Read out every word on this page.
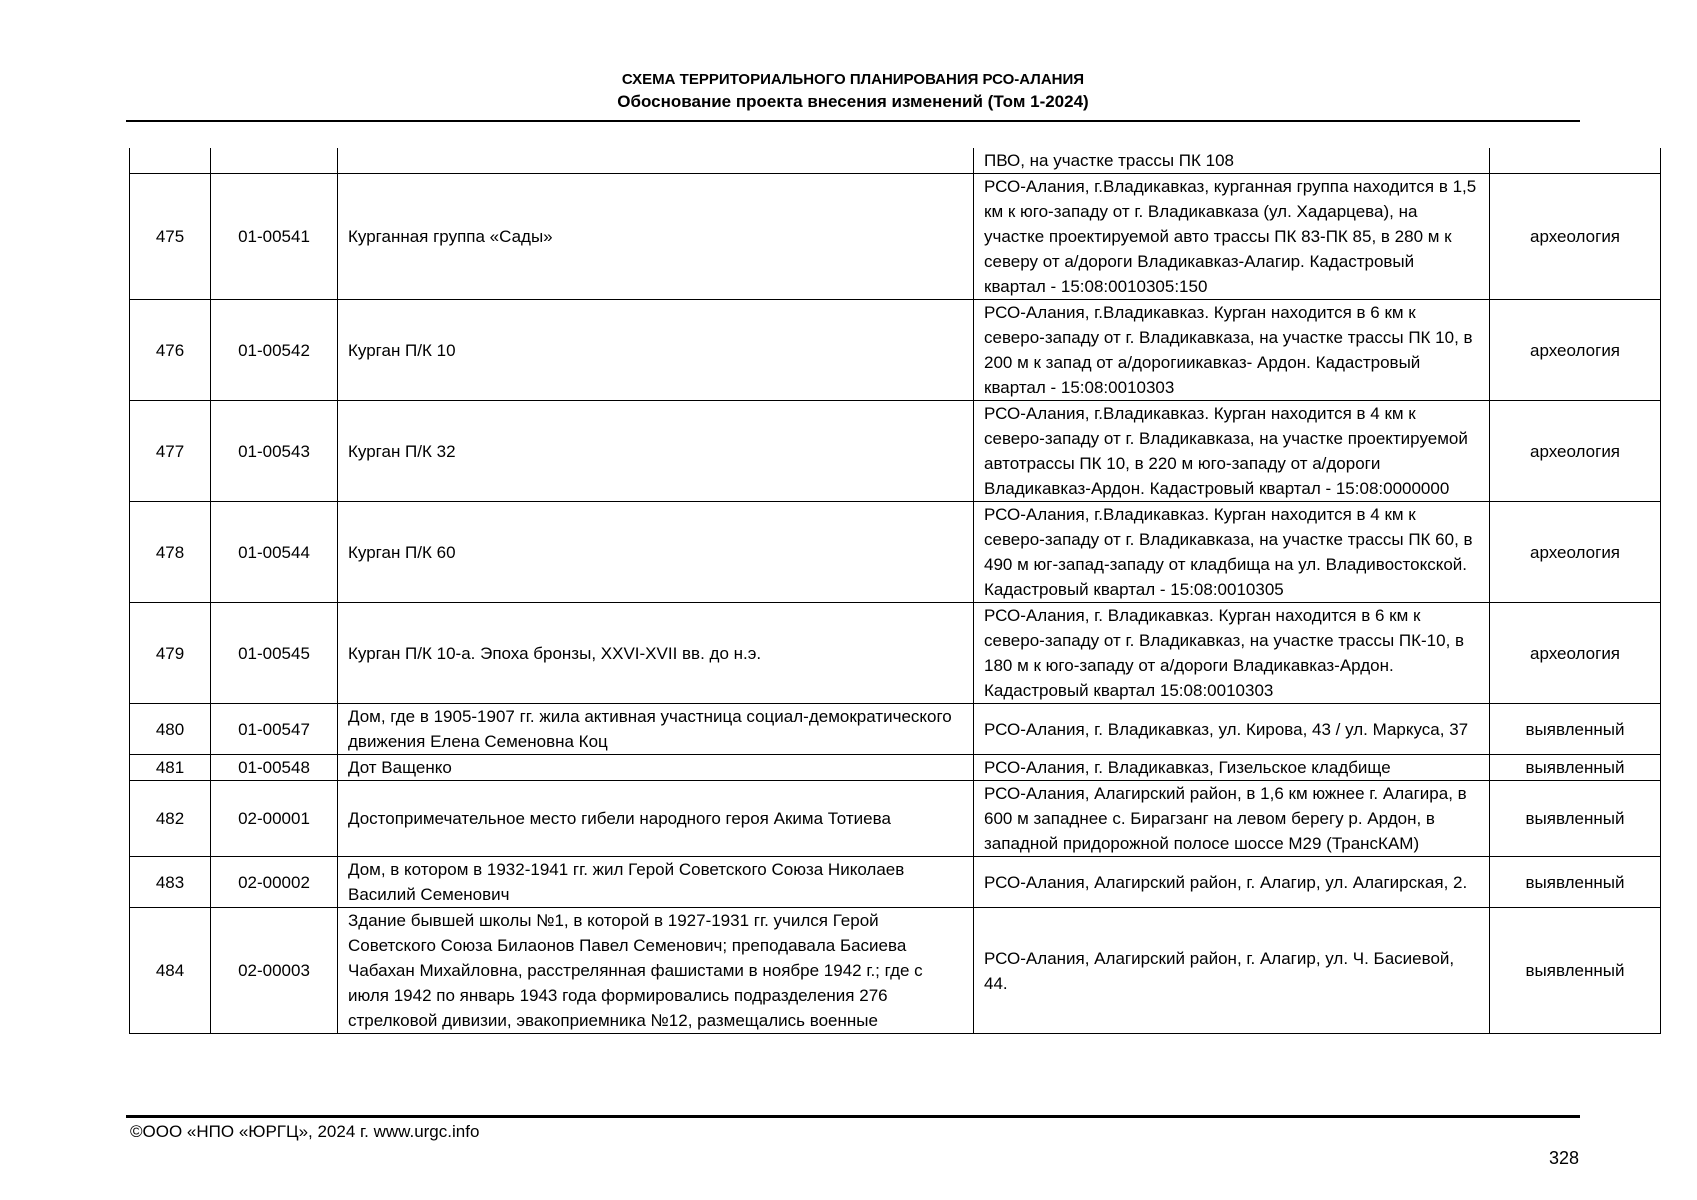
СХЕМА ТЕРРИТОРИАЛЬНОГО ПЛАНИРОВАНИЯ РСО-АЛАНИЯ
Обоснование проекта внесения изменений (Том 1-2024)
			ПВО, на участке трассы ПК 108	
475	01-00541	Курганная группа «Сады»	РСО-Алания, г.Владикавказ, курганная группа находится в 1,5 км к юго-западу от г. Владикавказа (ул. Хадарцева), на участке проектируемой авто трассы ПК 83-ПК 85, в 280 м к северу от а/дороги Владикавказ-Алагир. Кадастровый квартал - 15:08:0010305:150	археология
476	01-00542	Курган П/К 10	РСО-Алания, г.Владикавказ. Курган находится в 6 км к северо-западу от г. Владикавказа, на участке трассы ПК 10, в 200 м к запад от а/дорогиикавказ- Ардон. Кадастровый квартал - 15:08:0010303	археология
477	01-00543	Курган П/К 32	РСО-Алания, г.Владикавказ. Курган находится в 4 км к северо-западу от г. Владикавказа, на участке проектируемой автотрассы ПК 10, в 220 м юго-западу от а/дороги Владикавказ-Ардон. Кадастровый квартал - 15:08:0000000	археология
478	01-00544	Курган П/К 60	РСО-Алания, г.Владикавказ. Курган находится в 4 км к северо-западу от г. Владикавказа, на участке трассы ПК 60, в 490 м юг-запад-западу от кладбища на ул. Владивостокской. Кадастровый квартал - 15:08:0010305	археология
479	01-00545	Курган П/К 10-а. Эпоха бронзы, XXVI-XVII вв. до н.э.	РСО-Алания, г. Владикавказ. Курган находится в 6 км к северо-западу от г. Владикавказ, на участке трассы ПК-10, в 180 м к юго-западу от а/дороги Владикавказ-Ардон. Кадастровый квартал 15:08:0010303	археология
480	01-00547	Дом, где в 1905-1907 гг. жила активная участница социал-демократического движения Елена Семеновна Коц	РСО-Алания, г. Владикавказ, ул. Кирова, 43 / ул. Маркуса, 37	выявленный
481	01-00548	Дот Ващенко	РСО-Алания, г. Владикавказ, Гизельское кладбище	выявленный
482	02-00001	Достопримечательное место гибели народного героя Акима Тотиева	РСО-Алания, Алагирский район, в 1,6 км южнее г. Алагира, в 600 м западнее с. Бирагзанг на левом берегу р. Ардон, в западной придорожной полосе шоссе М29 (ТрансКАМ)	выявленный
483	02-00002	Дом, в котором в 1932-1941 гг. жил Герой Советского Союза Николаев Василий Семенович	РСО-Алания, Алагирский район, г. Алагир, ул. Алагирская, 2.	выявленный
484	02-00003	Здание бывшей школы №1, в которой в 1927-1931 гг. учился Герой Советского Союза Билаонов Павел Семенович; преподавала Басиева Чабахан Михайловна, расстрелянная фашистами в ноябре 1942 г.; где с июля 1942 по январь 1943 года формировались подразделения 276 стрелковой дивизии, эвакоприемника №12, размещались военные	РСО-Алания, Алагирский район, г. Алагир, ул. Ч. Басиевой, 44.	выявленный
©ООО «НПО «ЮРГЦ», 2024 г. www.urgc.info
328
